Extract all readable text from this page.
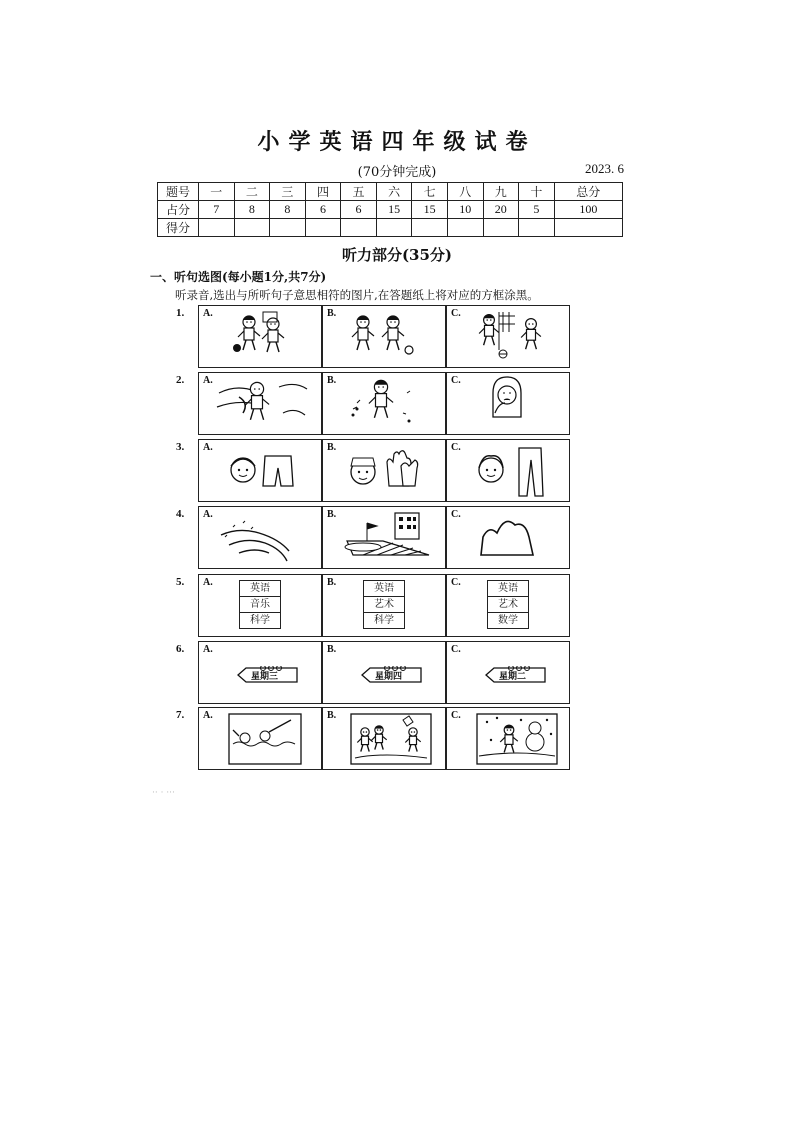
小学英语四年级试卷
(70分钟完成)	2023. 6
题号	一	二	三	四	五	六	七	八	九	十	总分
占分	7	8	8	6	6	15	15	10	20	5	100
得分											
听力部分(35分)
一、听句选图(每小题1分,共7分)
听录音,选出与所听句子意思相符的图片,在答题纸上将对应的方框涂黑。
1. A.	B.	C.
2. A.	B.	C.
3. A.	B.	C.
4. A.	B.	C.
5. A.
英语
音乐
科学
B.
英语
艺术
科学
C.
英语
艺术
数学
6. A.
星期三
B.
星期四
C.
星期二
7. A.	B.	C.
·· · ···
